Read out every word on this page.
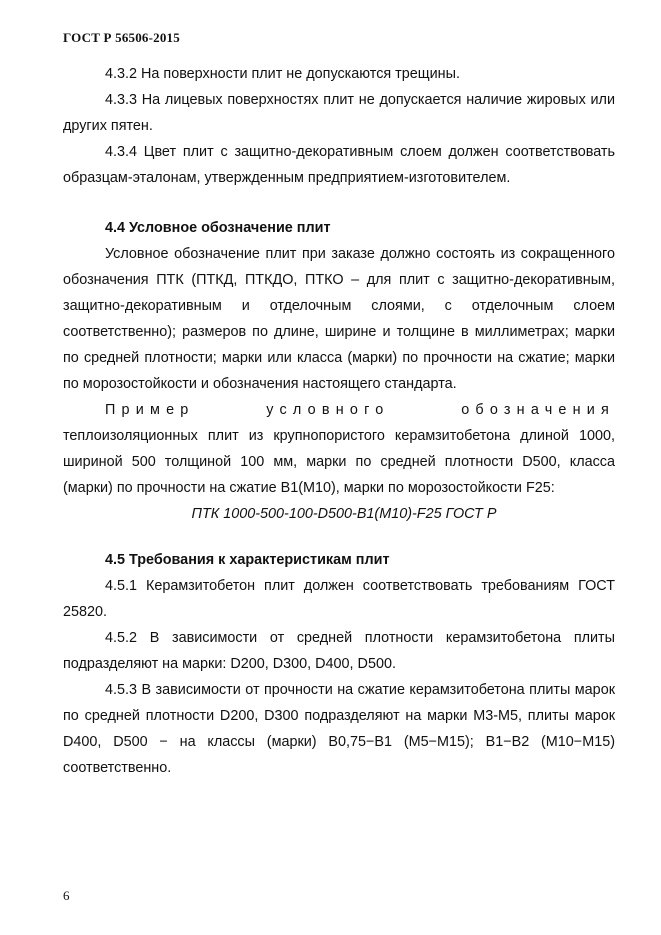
ГОСТ Р 56506-2015

4.3.2 На поверхности плит не допускаются трещины.

4.3.3 На лицевых поверхностях плит не допускается наличие жировых или других пятен.

4.3.4 Цвет плит с защитно-декоративным слоем должен соответствовать образцам-эталонам, утвержденным предприятием-изготовителем.

4.4 Условное обозначение плит

Условное обозначение плит при заказе должно состоять из сокращенного обозначения ПТК (ПТКД, ПТКДО, ПТКО – для плит с защитно-декоративным, защитно-декоративным и отделочным слоями, с отделочным слоем соответственно); размеров по длине, ширине и толщине в миллиметрах; марки по средней плотности; марки или класса (марки) по прочности на сжатие; марки по морозостойкости и обозначения настоящего стандарта.

Пример условного обозначения теплоизоляционных плит из крупнопористого керамзитобетона длиной 1000, шириной 500 толщиной 100 мм, марки по средней плотности D500, класса (марки) по прочности на сжатие В1(М10), марки по морозостойкости F25:

ПТК 1000-500-100-D500-В1(М10)-F25 ГОСТ Р

4.5 Требования к характеристикам плит

4.5.1 Керамзитобетон плит должен соответствовать требованиям ГОСТ 25820.

4.5.2 В зависимости от средней плотности керамзитобетона плиты подразделяют на марки: D200, D300, D400, D500.

4.5.3 В зависимости от прочности на сжатие керамзитобетона плиты марок по средней плотности D200, D300 подразделяют на марки М3-М5, плиты марок D400, D500 − на классы (марки) В0,75−В1 (М5−М15); В1−В2 (М10−М15) соответственно.

6
